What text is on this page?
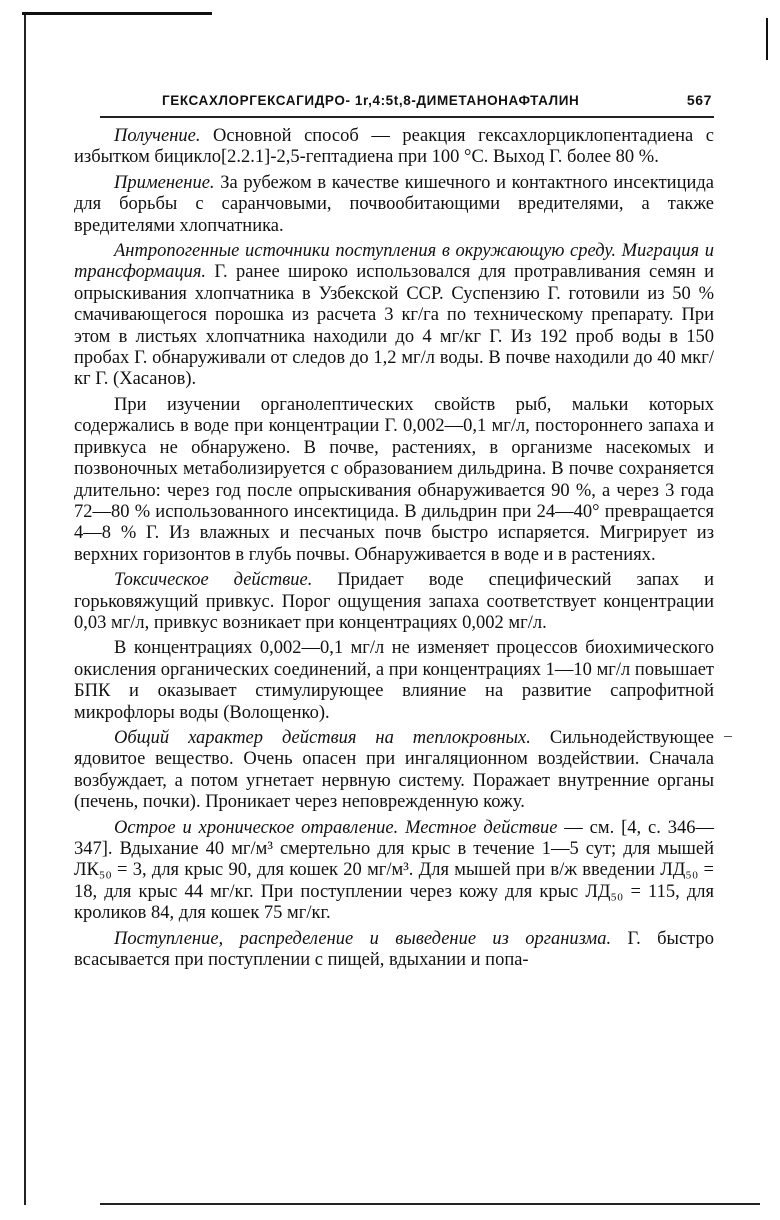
ГЕКСАХЛОРГЕКСАГИДРО- 1r,4:5t,8-ДИМЕТАНОНАФТАЛИН	567

Получение. Основной способ — реакция гексахлорциклопентадиена с избытком бицикло[2.2.1]-2,5-гептадиена при 100 °С. Выход Г. более 80 %.

Применение. За рубежом в качестве кишечного и контактного инсектицида для борьбы с саранчовыми, почвообитающими вредителями, а также вредителями хлопчатника.

Антропогенные источники поступления в окружающую среду. Миграция и трансформация. Г. ранее широко использовался для протравливания семян и опрыскивания хлопчатника в Узбекской ССР. Суспензию Г. готовили из 50 % смачивающегося порошка из расчета 3 кг/га по техническому препарату. При этом в листьях хлопчатника находили до 4 мг/кг Г. Из 192 проб воды в 150 пробах Г. обнаруживали от следов до 1,2 мг/л воды. В почве находили до 40 мкг/кг Г. (Хасанов).

При изучении органолептических свойств рыб, мальки которых содержались в воде при концентрации Г. 0,002—0,1 мг/л, постороннего запаха и привкуса не обнаружено. В почве, растениях, в организме насекомых и позвоночных метаболизируется с образованием дильдрина. В почве сохраняется длительно: через год после опрыскивания обнаруживается 90 %, а через 3 года 72—80 % использованного инсектицида. В дильдрин при 24—40° превращается 4—8 % Г. Из влажных и песчаных почв быстро испаряется. Мигрирует из верхних горизонтов в глубь почвы. Обнаруживается в воде и в растениях.

Токсическое действие. Придает воде специфический запах и горьковяжущий привкус. Порог ощущения запаха соответствует концентрации 0,03 мг/л, привкус возникает при концентрациях 0,002 мг/л.

В концентрациях 0,002—0,1 мг/л не изменяет процессов биохимического окисления органических соединений, а при концентрациях 1—10 мг/л повышает БПК и оказывает стимулирующее влияние на развитие сапрофитной микрофлоры воды (Волощенко).

Общий характер действия на теплокровных. Сильнодействующее ядовитое вещество. Очень опасен при ингаляционном воздействии. Сначала возбуждает, а потом угнетает нервную систему. Поражает внутренние органы (печень, почки). Проникает через неповрежденную кожу.

Острое и хроническое отравление. Местное действие — см. [4, с. 346—347]. Вдыхание 40 мг/м³ смертельно для крыс в течение 1—5 сут; для мышей ЛК₅₀ = 3, для крыс 90, для кошек 20 мг/м³. Для мышей при в/ж введении ЛД₅₀ = 18, для крыс 44 мг/кг. При поступлении через кожу для крыс ЛД₅₀ = 115, для кроликов 84, для кошек 75 мг/кг.

Поступление, распределение и выведение из организма. Г. быстро всасывается при поступлении с пищей, вдыхании и попа-
